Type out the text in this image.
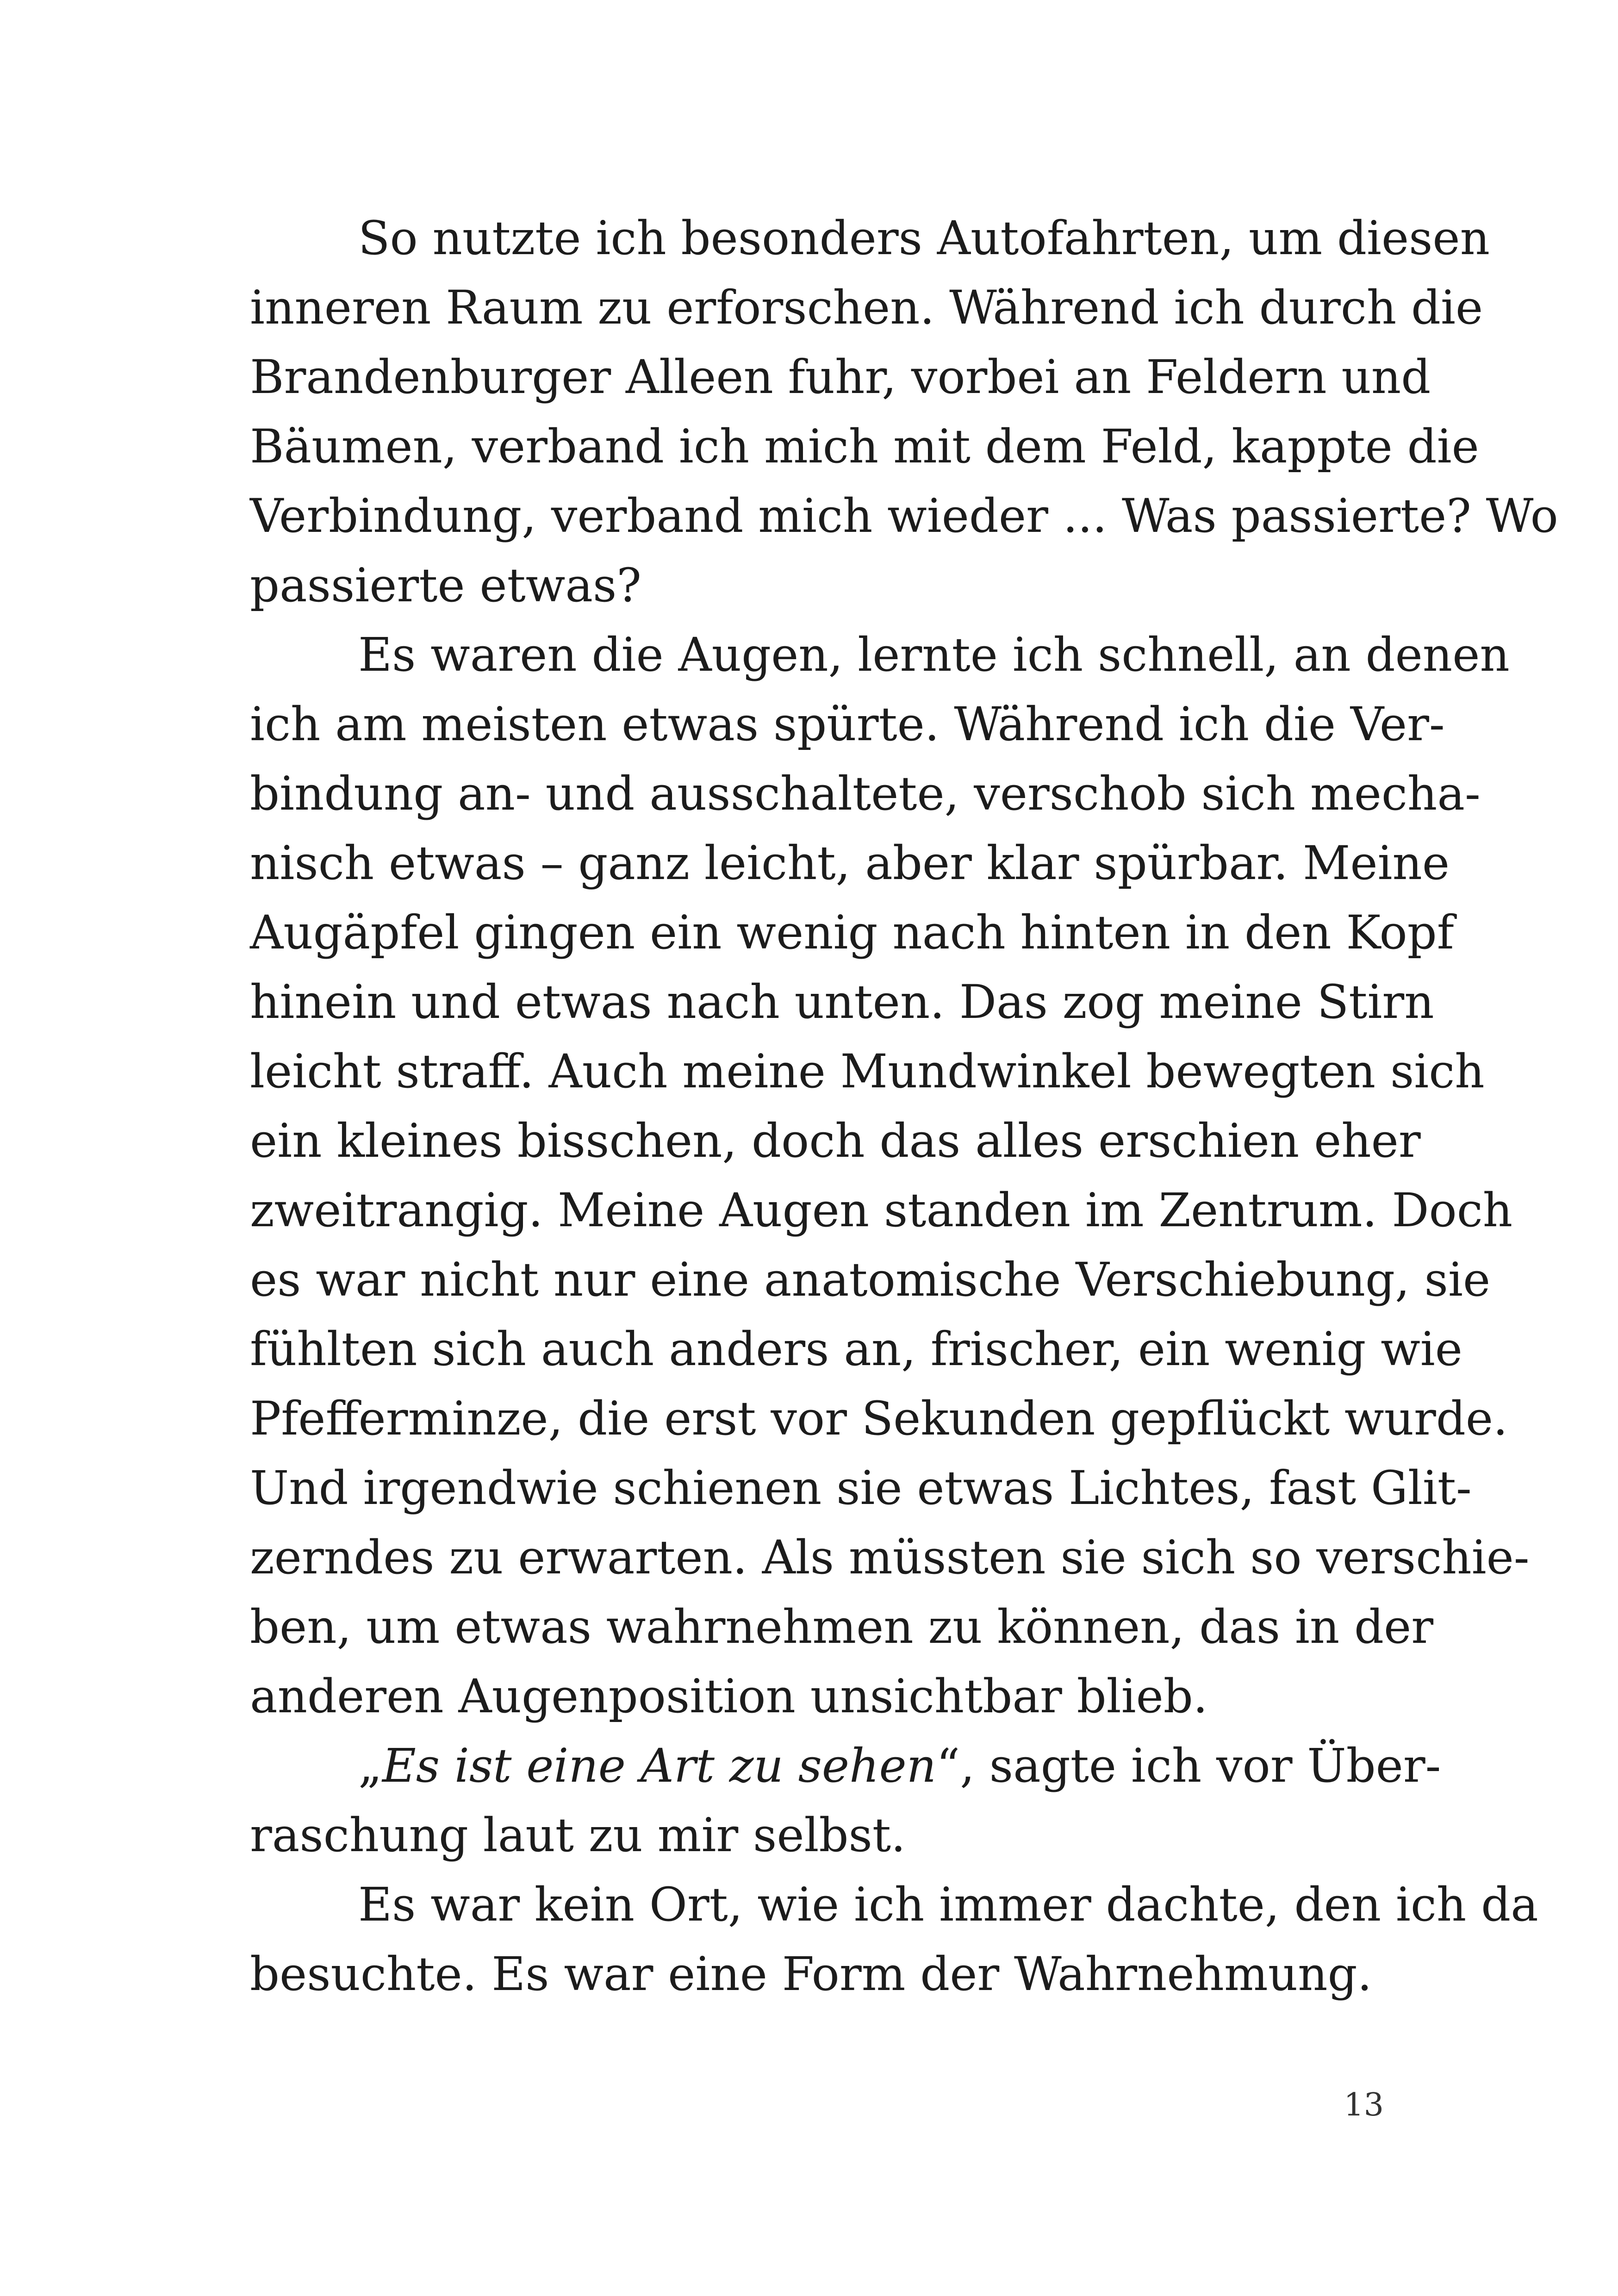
So nutzte ich besonders Autofahrten, um diesen
inneren Raum zu erforschen. Während ich durch die
Brandenburger Alleen fuhr, vorbei an Feldern und
Bäumen, verband ich mich mit dem Feld, kappte die
Verbindung, verband mich wieder ... Was passierte? Wo
passierte etwas?

Es waren die Augen, lernte ich schnell, an denen
ich am meisten etwas spürte. Während ich die Ver-
bindung an- und ausschaltete, verschob sich mecha-
nisch etwas – ganz leicht, aber klar spürbar. Meine
Augäpfel gingen ein wenig nach hinten in den Kopf
hinein und etwas nach unten. Das zog meine Stirn
leicht straff. Auch meine Mundwinkel bewegten sich
ein kleines bisschen, doch das alles erschien eher
zweitrangig. Meine Augen standen im Zentrum. Doch
es war nicht nur eine anatomische Verschiebung, sie
fühlten sich auch anders an, frischer, ein wenig wie
Pfefferminze, die erst vor Sekunden gepflückt wurde.
Und irgendwie schienen sie etwas Lichtes, fast Glit-
zerndes zu erwarten. Als müssten sie sich so verschie-
ben, um etwas wahrnehmen zu können, das in der
anderen Augenposition unsichtbar blieb.

„Es ist eine Art zu sehen“, sagte ich vor Über-
raschung laut zu mir selbst.

Es war kein Ort, wie ich immer dachte, den ich da
besuchte. Es war eine Form der Wahrnehmung.

13
